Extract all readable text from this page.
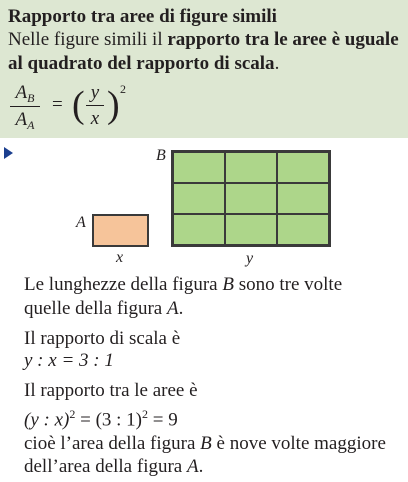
Rapporto tra aree di figure simili
Nelle figure simili il rapporto tra le aree è uguale al quadrato del rapporto di scala.
$A_B$
$A_A$
= ( y
x ) 2
B
A
x	y
Le lunghezze della figura B sono tre volte
quelle della figura A.
Il rapporto di scala è
y : x = 3 : 1
Il rapporto tra le aree è
(y : x)$^2$ = (3 : 1)$^2$ = 9
cioè l’area della figura B è nove volte maggiore
dell’area della figura A.
